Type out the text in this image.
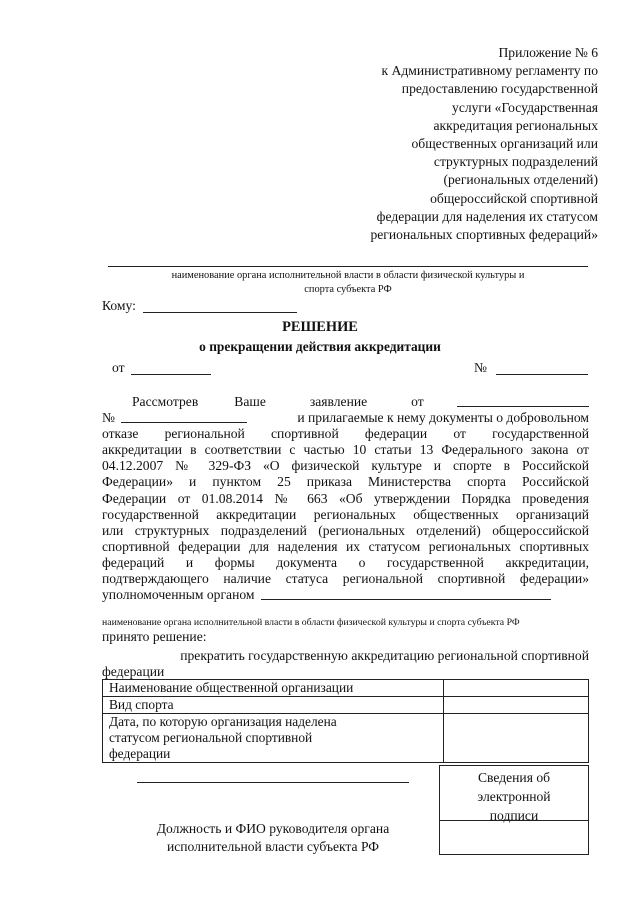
Приложение № 6
к Административному регламенту по
предоставлению государственной
услуги «Государственная
аккредитация региональных
общественных организаций или
структурных подразделений
(региональных отделений)
общероссийской спортивной
федерации для наделения их статусом
региональных спортивных федераций»
наименование органа исполнительной власти в области физической культуры и
спорта субъекта РФ
Кому:
РЕШЕНИЕ
о прекращении действия аккредитации
от	№
Рассмотрев	Ваше	заявление	от
№	и прилагаемые к нему документы о добровольном
отказе региональной спортивной федерации от государственной
аккредитации в соответствии с частью 10 статьи 13 Федерального закона от
04.12.2007 № 329-ФЗ «О физической культуре и спорте в Российской
Федерации» и пунктом 25 приказа Министерства спорта Российской
Федерации от 01.08.2014 № 663 «Об утверждении Порядка проведения
государственной аккредитации региональных общественных организаций
или структурных подразделений (региональных отделений) общероссийской
спортивной федерации для наделения их статусом региональных спортивных
федераций и формы документа о государственной аккредитации,
подтверждающего наличие статуса региональной спортивной федерации»
уполномоченным органом
наименование органа исполнительной власти в области физической культуры и спорта субъекта РФ
принято решение:
прекратить государственную аккредитацию региональной спортивной
федерации
Наименование общественной организации	
Вид спорта	
Дата, по которую организация наделена статусом региональной спортивной федерации	
Должность и ФИО руководителя органа
исполнительной власти субъекта РФ
Сведения об
электронной
подписи
